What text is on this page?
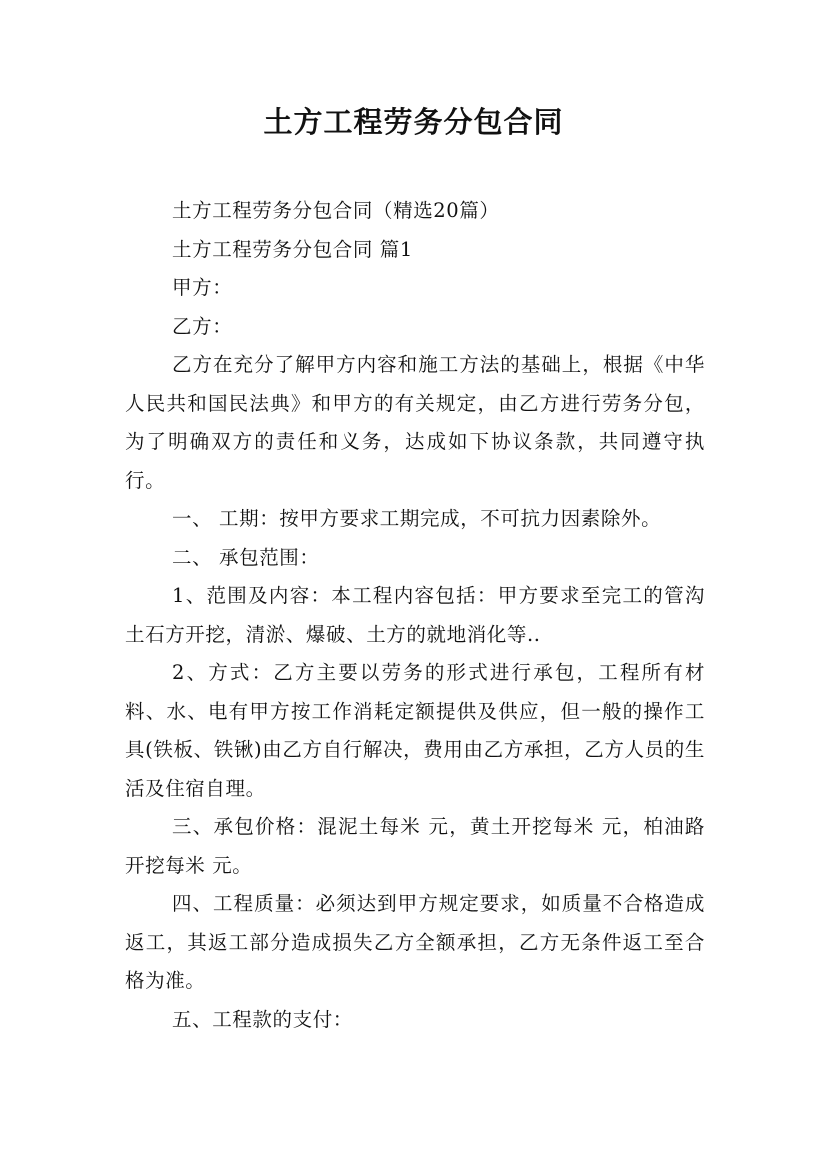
土方工程劳务分包合同

土方工程劳务分包合同（精选20篇）

土方工程劳务分包合同 篇1

甲方：

乙方：

乙方在充分了解甲方内容和施工方法的基础上，根据《中华人民共和国民法典》和甲方的有关规定，由乙方进行劳务分包，为了明确双方的责任和义务，达成如下协议条款，共同遵守执行。

一、 工期：按甲方要求工期完成，不可抗力因素除外。

二、 承包范围：

1、范围及内容：本工程内容包括：甲方要求至完工的管沟土石方开挖，清淤、爆破、土方的就地消化等..

2、方式：乙方主要以劳务的形式进行承包，工程所有材料、水、电有甲方按工作消耗定额提供及供应，但一般的操作工具(铁板、铁锹)由乙方自行解决，费用由乙方承担，乙方人员的生活及住宿自理。

三、承包价格：混泥土每米 元，黄土开挖每米 元，柏油路开挖每米 元。

四、工程质量：必须达到甲方规定要求，如质量不合格造成返工，其返工部分造成损失乙方全额承担，乙方无条件返工至合格为准。

五、工程款的支付：
